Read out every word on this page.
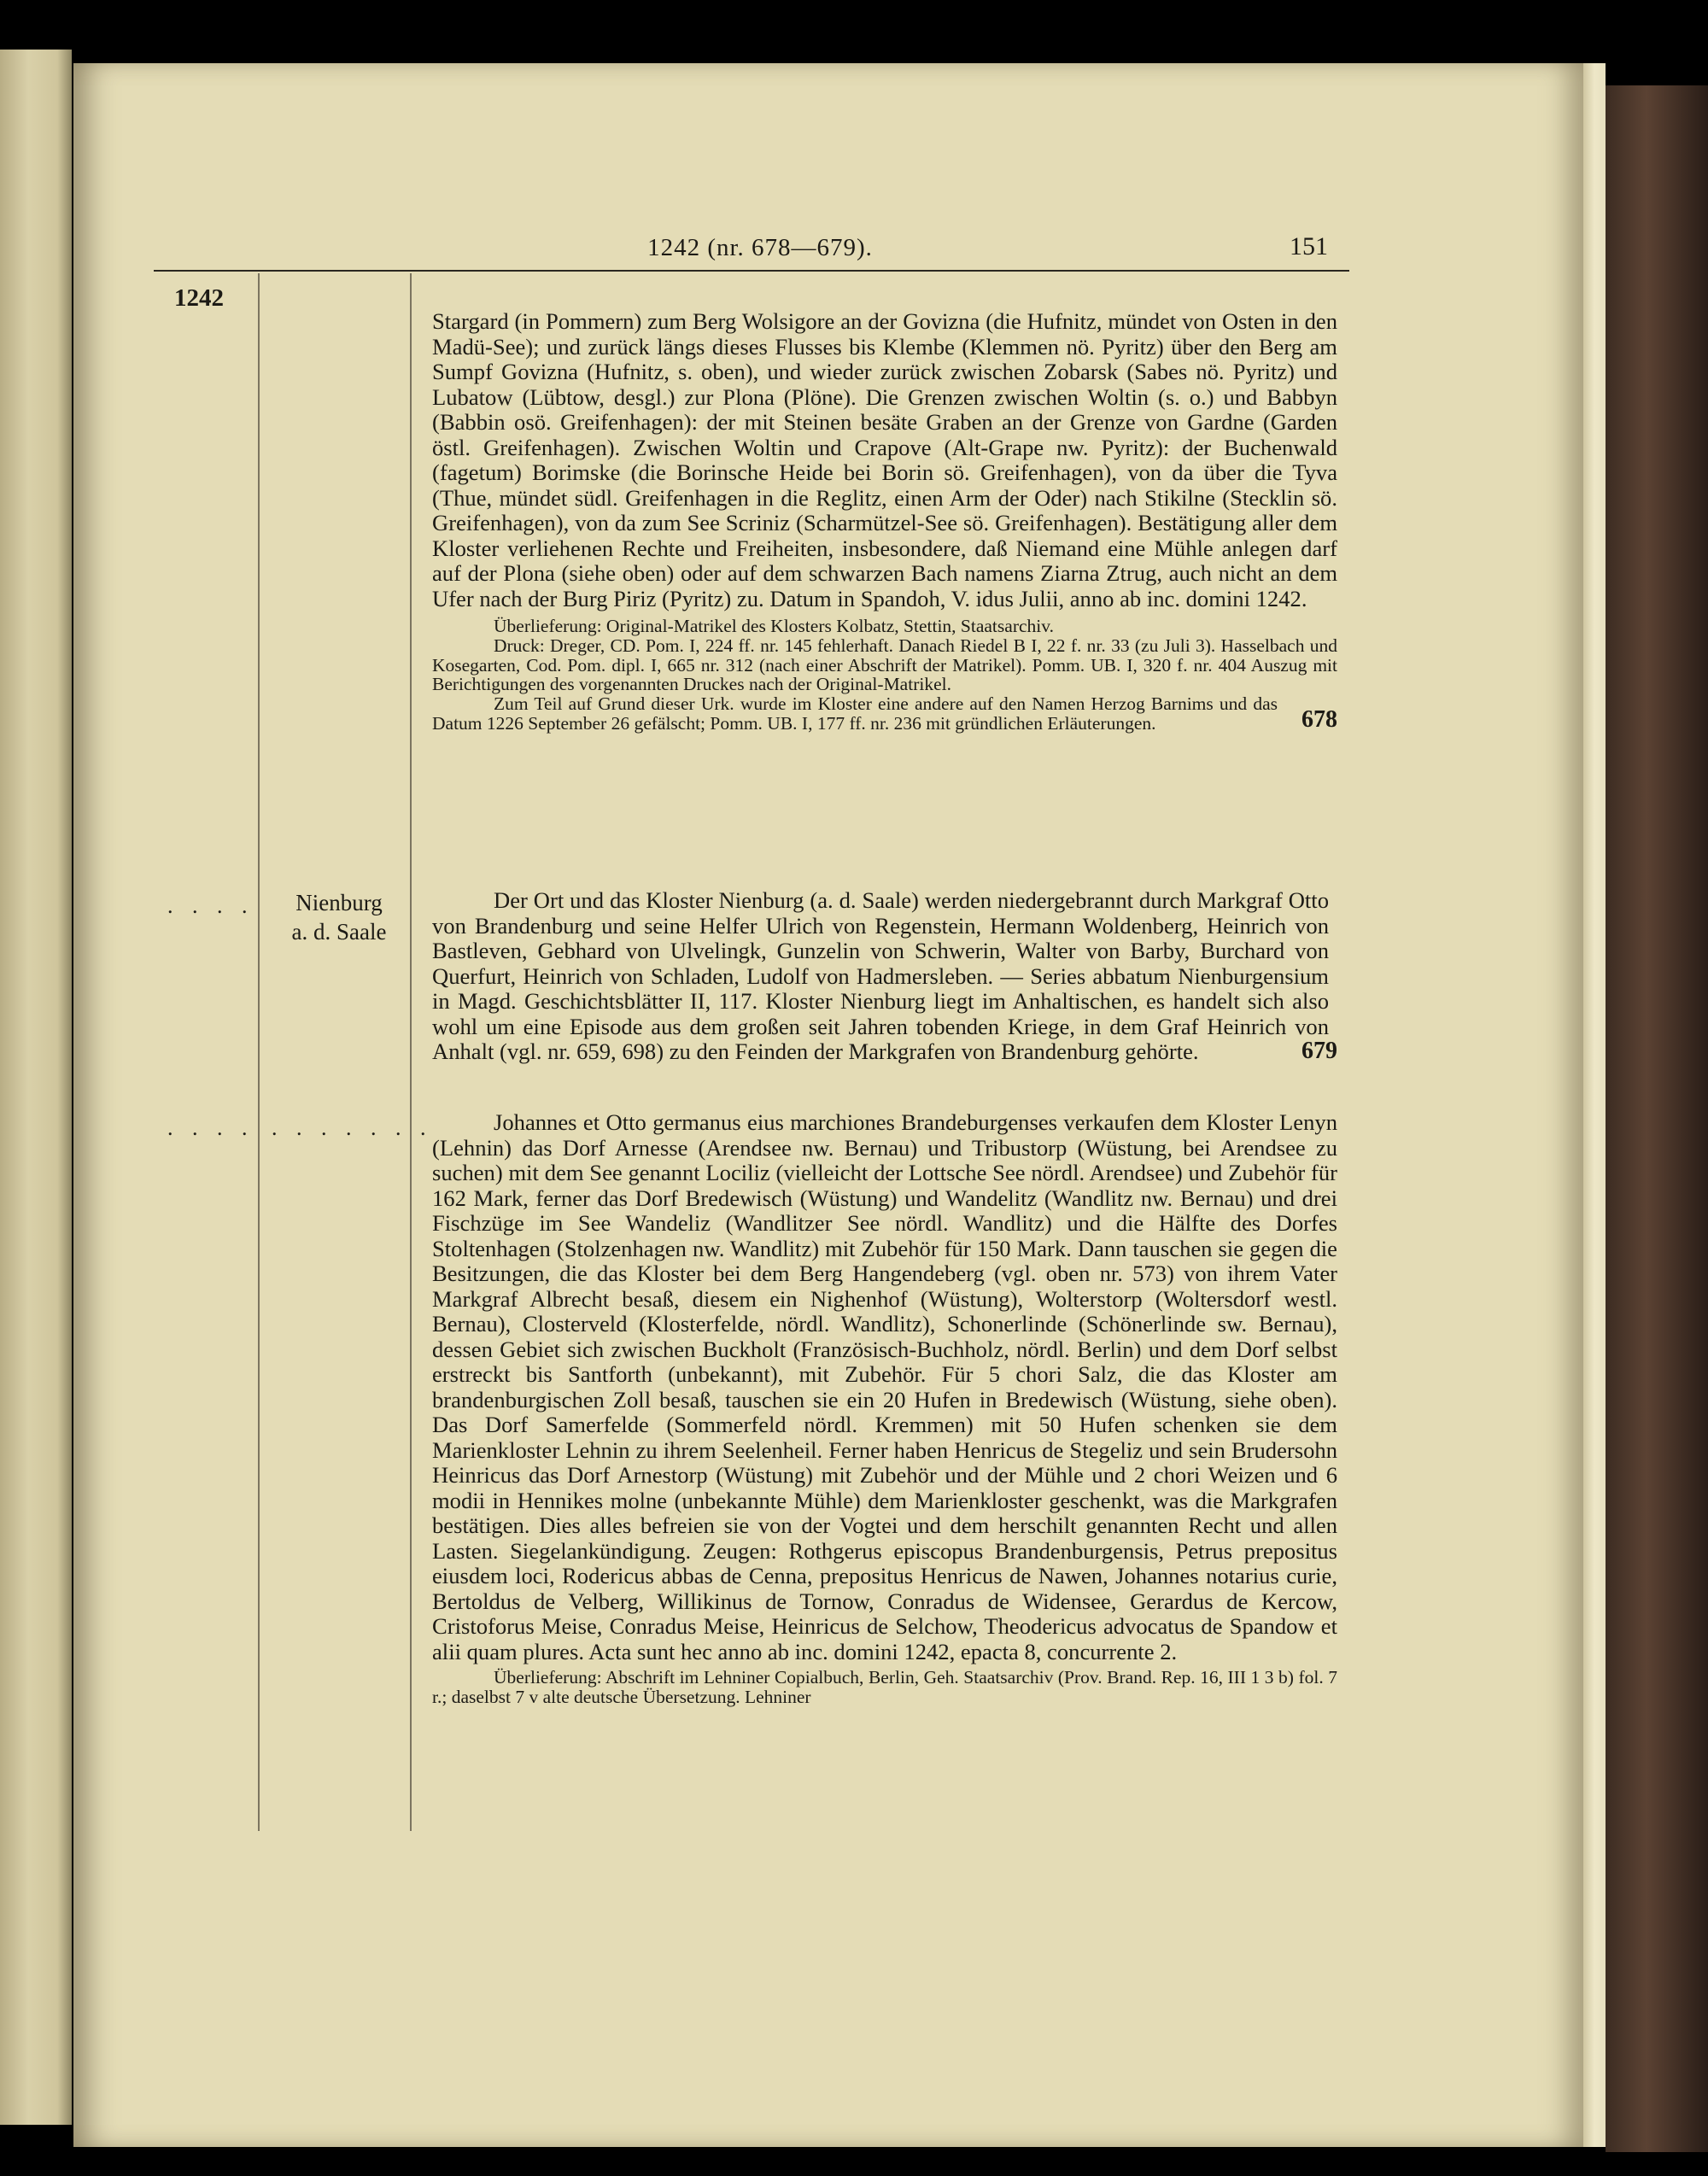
1242 (nr. 678—679).	151
1242

Stargard (in Pommern) zum Berg Wolsigore an der Govizna (die Hufnitz, mündet von Osten in den Madü-See); und zurück längs dieses Flusses bis Klembe (Klemmen nö. Pyritz) über den Berg am Sumpf Govizna (Hufnitz, s. oben), und wieder zurück zwischen Zobarsk (Sabes nö. Pyritz) und Lubatow (Lübtow, desgl.) zur Plona (Plöne). Die Grenzen zwischen Woltin (s. o.) und Babbyn (Babbin osö. Greifenhagen): der mit Steinen besäte Graben an der Grenze von Gardne (Garden östl. Greifenhagen). Zwischen Woltin und Crapove (Alt-Grape nw. Pyritz): der Buchenwald (fagetum) Borimske (die Borinsche Heide bei Borin sö. Greifenhagen), von da über die Tyva (Thue, mündet südl. Greifenhagen in die Reglitz, einen Arm der Oder) nach Stikilne (Stecklin sö. Greifenhagen), von da zum See Scriniz (Scharmützel-See sö. Greifenhagen). Bestätigung aller dem Kloster verliehenen Rechte und Freiheiten, insbesondere, daß Niemand eine Mühle anlegen darf auf der Plona (siehe oben) oder auf dem schwarzen Bach namens Ziarna Ztrug, auch nicht an dem Ufer nach der Burg Piriz (Pyritz) zu. Datum in Spandoh, V. idus Julii, anno ab inc. domini 1242.

Überlieferung: Original-Matrikel des Klosters Kolbatz, Stettin, Staatsarchiv.

Druck: Dreger, CD. Pom. I, 224 ff. nr. 145 fehlerhaft. Danach Riedel B I, 22 f. nr. 33 (zu Juli 3). Hasselbach und Kosegarten, Cod. Pom. dipl. I, 665 nr. 312 (nach einer Abschrift der Matrikel). Pomm. UB. I, 320 f. nr. 404 Auszug mit Berichtigungen des vorgenannten Druckes nach der Original-Matrikel.

Zum Teil auf Grund dieser Urk. wurde im Kloster eine andere auf den Namen Herzog Barnims und das Datum 1226 September 26 gefälscht; Pomm. UB. I, 177 ff. nr. 236 mit gründlichen Erläuterungen.	678
. . . .	Nienburg
a. d. Saale

Der Ort und das Kloster Nienburg (a. d. Saale) werden niedergebrannt durch Markgraf Otto von Brandenburg und seine Helfer Ulrich von Regenstein, Hermann Woldenberg, Heinrich von Bastleven, Gebhard von Ulvelingk, Gunzelin von Schwerin, Walter von Barby, Burchard von Querfurt, Heinrich von Schladen, Ludolf von Hadmersleben. — Series abbatum Nienburgensium in Magd. Geschichtsblätter II, 117. Kloster Nienburg liegt im Anhaltischen, es handelt sich also wohl um eine Episode aus dem großen seit Jahren tobenden Kriege, in dem Graf Heinrich von Anhalt (vgl. nr. 659, 698) zu den Feinden der Markgrafen von Brandenburg gehörte.	679
. . . . . . . . . . .	Johannes et Otto germanus eius marchiones Brandeburgenses verkaufen dem Kloster Lenyn (Lehnin) das Dorf Arnesse (Arendsee nw. Bernau) und Tribustorp (Wüstung, bei Arendsee zu suchen) mit dem See genannt Lociliz (vielleicht der Lottsche See nördl. Arendsee) und Zubehör für 162 Mark, ferner das Dorf Bredewisch (Wüstung) und Wandelitz (Wandlitz nw. Bernau) und drei Fischzüge im See Wandeliz (Wandlitzer See nördl. Wandlitz) und die Hälfte des Dorfes Stoltenhagen (Stolzenhagen nw. Wandlitz) mit Zubehör für 150 Mark. Dann tauschen sie gegen die Besitzungen, die das Kloster bei dem Berg Hangendeberg (vgl. oben nr. 573) von ihrem Vater Markgraf Albrecht besaß, diesem ein Nighenhof (Wüstung), Wolterstorp (Woltersdorf westl. Bernau), Closterveld (Klosterfelde, nördl. Wandlitz), Schonerlinde (Schönerlinde sw. Bernau), dessen Gebiet sich zwischen Buckholt (Französisch-Buchholz, nördl. Berlin) und dem Dorf selbst erstreckt bis Santforth (unbekannt), mit Zubehör. Für 5 chori Salz, die das Kloster am brandenburgischen Zoll besaß, tauschen sie ein 20 Hufen in Bredewisch (Wüstung, siehe oben). Das Dorf Samerfelde (Sommerfeld nördl. Kremmen) mit 50 Hufen schenken sie dem Marienkloster Lehnin zu ihrem Seelenheil. Ferner haben Henricus de Stegeliz und sein Brudersohn Heinricus das Dorf Arnestorp (Wüstung) mit Zubehör und der Mühle und 2 chori Weizen und 6 modii in Hennikes molne (unbekannte Mühle) dem Marienkloster geschenkt, was die Markgrafen bestätigen. Dies alles befreien sie von der Vogtei und dem herschilt genannten Recht und allen Lasten. Siegelankündigung. Zeugen: Rothgerus episcopus Brandenburgensis, Petrus prepositus eiusdem loci, Rodericus abbas de Cenna, prepositus Henricus de Nawen, Johannes notarius curie, Bertoldus de Velberg, Willikinus de Tornow, Conradus de Widensee, Gerardus de Kercow, Cristoforus Meise, Conradus Meise, Heinricus de Selchow, Theodericus advocatus de Spandow et alii quam plures. Acta sunt hec anno ab inc. domini 1242, epacta 8, concurrente 2.

Überlieferung: Abschrift im Lehniner Copialbuch, Berlin, Geh. Staatsarchiv (Prov. Brand. Rep. 16, III 1 3 b) fol. 7 r.; daselbst 7 v alte deutsche Übersetzung. Lehniner
